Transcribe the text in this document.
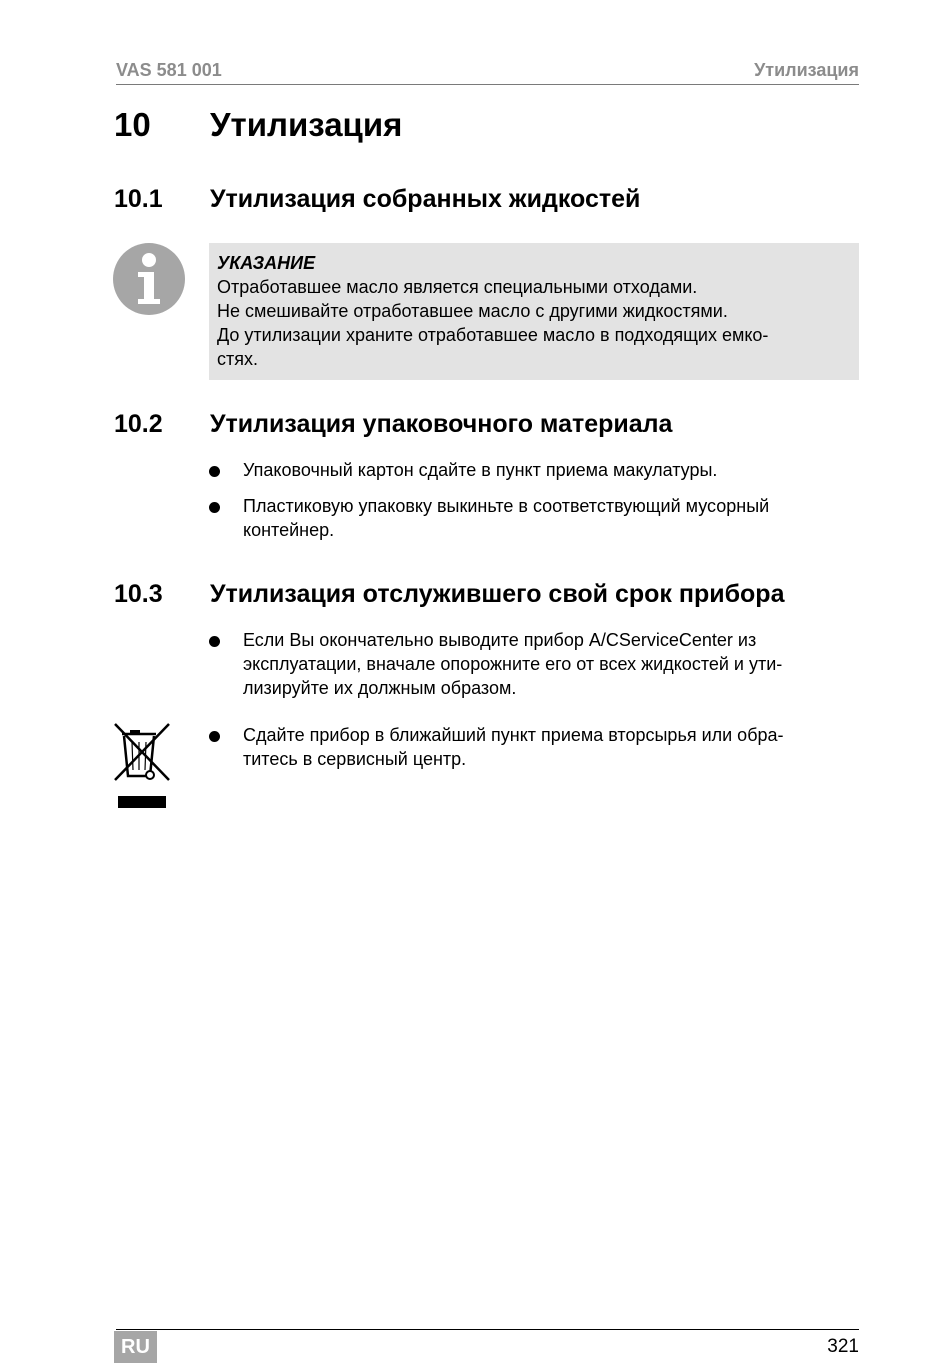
VAS 581 001	Утилизация
10 Утилизация
10.1 Утилизация собранных жидкостей
УКАЗАНИЕ
Отработавшее масло является специальными отходами.
Не смешивайте отработавшее масло с другими жидкостями.
До утилизации храните отработавшее масло в подходящих емко-
стях.
10.2 Утилизация упаковочного материала
Упаковочный картон сдайте в пункт приема макулатуры.
Пластиковую упаковку выкиньте в соответствующий мусорный
контейнер.
10.3 Утилизация отслужившего свой срок прибора
Если Вы окончательно выводите прибор A/CServiceCenter из
эксплуатации, вначале опорожните его от всех жидкостей и ути-
лизируйте их должным образом.
Сдайте прибор в ближайший пункт приема вторсырья или обра-
титесь в сервисный центр.
RU	321
